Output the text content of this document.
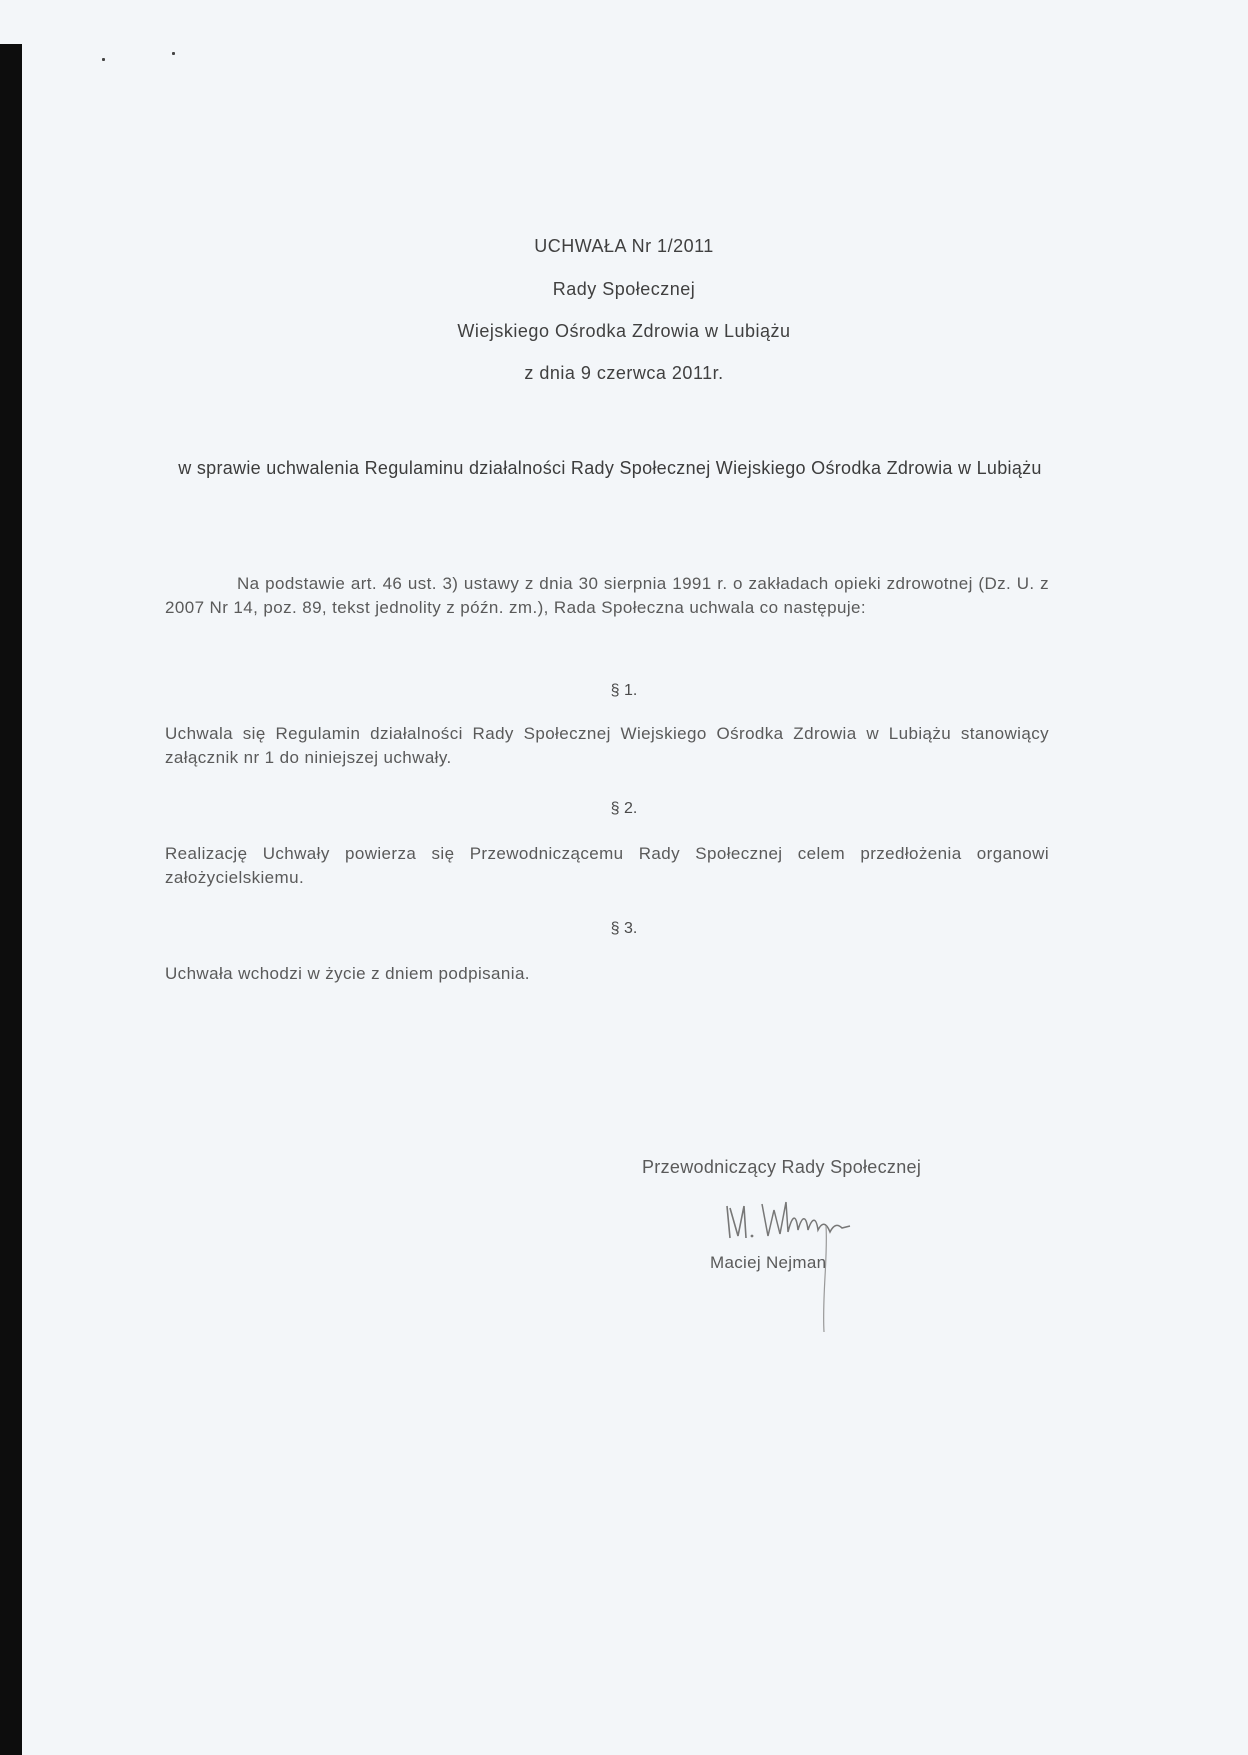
UCHWAŁA Nr 1/2011
Rady Społecznej
Wiejskiego Ośrodka Zdrowia w Lubiążu
z dnia 9 czerwca 2011r.
w sprawie uchwalenia Regulaminu działalności Rady Społecznej Wiejskiego Ośrodka Zdrowia w Lubiążu
Na podstawie art. 46 ust. 3) ustawy z dnia 30 sierpnia 1991 r. o zakładach opieki zdrowotnej (Dz. U. z 2007 Nr 14, poz. 89, tekst jednolity z późn. zm.), Rada Społeczna uchwala co następuje:
§ 1.
Uchwala się Regulamin działalności Rady Społecznej Wiejskiego Ośrodka Zdrowia w Lubiążu stanowiący załącznik nr 1 do niniejszej uchwały.
§ 2.
Realizację Uchwały powierza się Przewodniczącemu Rady Społecznej celem przedłożenia organowi założycielskiemu.
§ 3.
Uchwała wchodzi w życie z dniem podpisania.
Przewodniczący Rady Społecznej
Maciej Nejman
